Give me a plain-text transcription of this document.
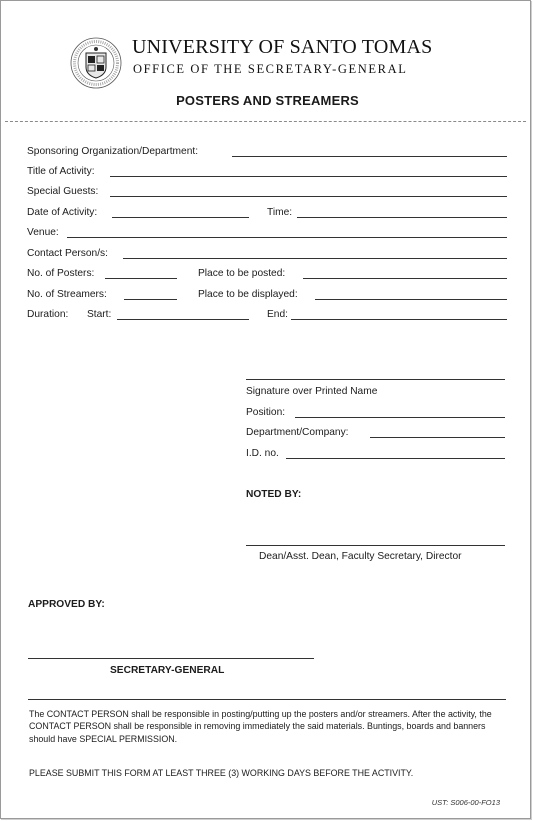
UNIVERSITY OF SANTO TOMAS
OFFICE OF THE SECRETARY-GENERAL
POSTERS AND STREAMERS
Sponsoring Organization/Department:
Title of Activity:
Special Guests:
Date of Activity:	Time:
Venue:
Contact Person/s:
No. of Posters:	Place to be posted:
No. of Streamers:	Place to be displayed:
Duration: Start:	End:
Signature over Printed Name
Position:
Department/Company:
I.D. no.
NOTED BY:
Dean/Asst. Dean, Faculty Secretary, Director
APPROVED BY:
SECRETARY-GENERAL
The CONTACT PERSON shall be responsible in posting/putting up the posters and/or streamers. After the activity, the CONTACT PERSON shall be responsible in removing immediately the said materials. Buntings, boards and banners should have SPECIAL PERMISSION.
PLEASE SUBMIT THIS FORM AT LEAST THREE (3) WORKING DAYS BEFORE THE ACTIVITY.
UST: S006-00-FO13
